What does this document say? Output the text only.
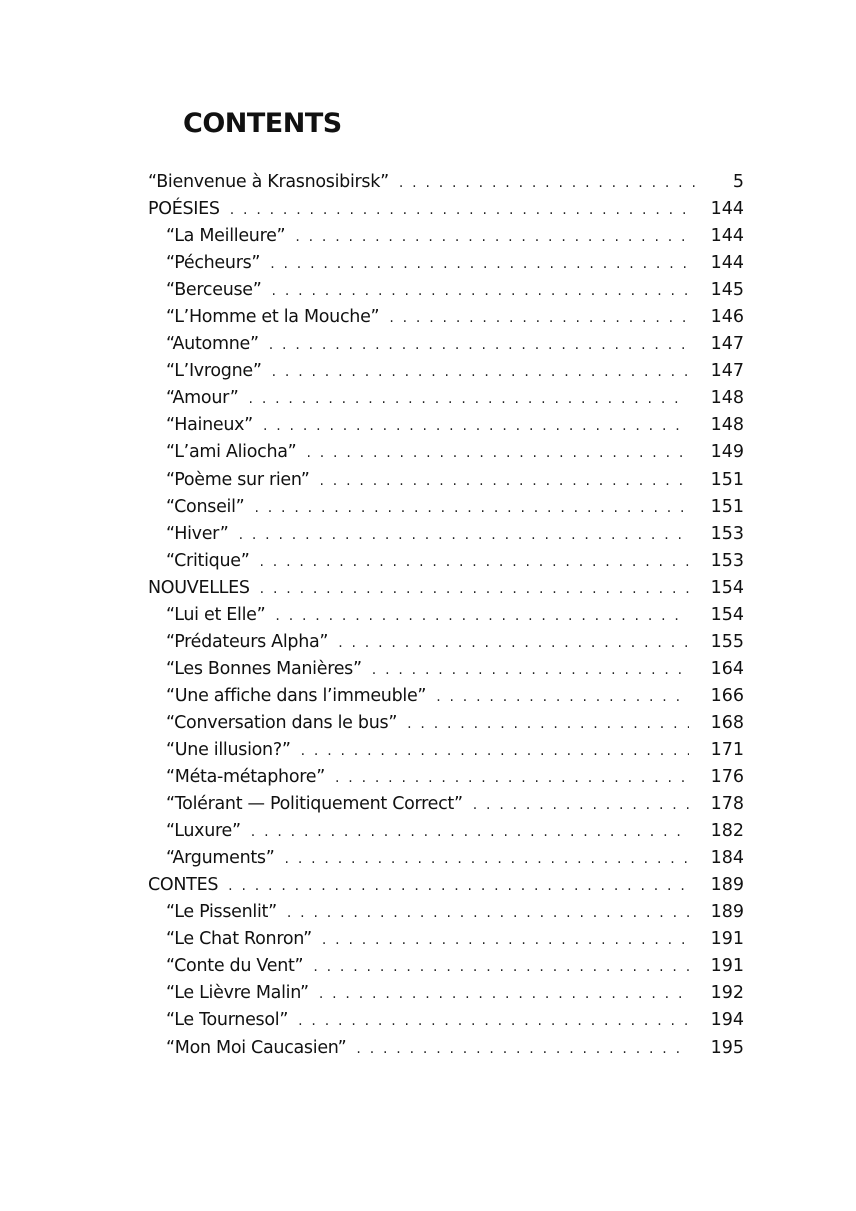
CONTENTS
“Bienvenue à Krasnosibirsk” . . .	5
POÉSIES . . .	144
“La Meilleure” . . .	144
“Pécheurs” . . .	144
“Berceuse” . . .	145
“L’Homme et la Mouche” . . .	146
“Automne” . . .	147
“L’Ivrogne” . . .	147
“Amour” . . .	148
“Haineux” . . .	148
“L’ami Aliocha” . . .	149
“Poème sur rien” . . .	151
“Conseil” . . .	151
“Hiver” . . .	153
“Critique” . . .	153
NOUVELLES . . .	154
“Lui et Elle” . . .	154
“Prédateurs Alpha” . . .	155
“Les Bonnes Manières” . . .	164
“Une affiche dans l’immeuble” . . .	166
“Conversation dans le bus” . . .	168
“Une illusion?” . . .	171
“Méta-métaphore” . . .	176
“Tolérant — Politiquement Correct” . . .	178
“Luxure” . . .	182
“Arguments” . . .	184
CONTES . . .	189
“Le Pissenlit” . . .	189
“Le Chat Ronron” . . .	191
“Conte du Vent” . . .	191
“Le Lièvre Malin” . . .	192
“Le Tournesol” . . .	194
“Mon Moi Caucasien” . . .	195
